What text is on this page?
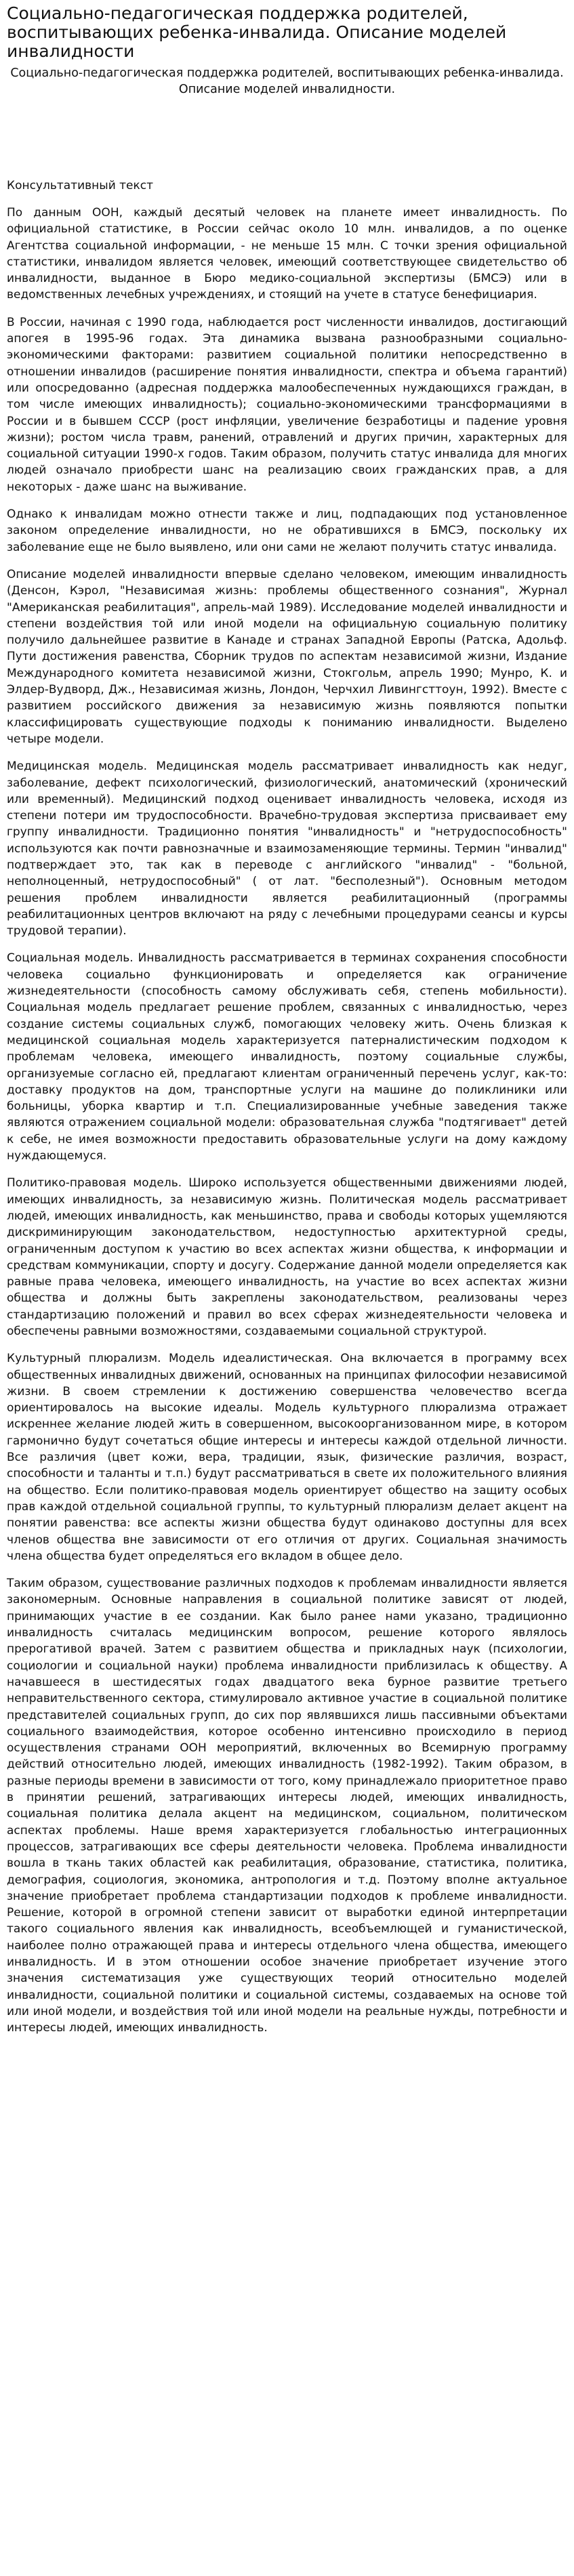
Социально-педагогическая поддержка родителей, воспитывающих ребенка-инвалида. Описание моделей инвалидности
Социально-педагогическая поддержка родителей, воспитывающих ребенка-инвалида. Описание моделей инвалидности.
Консультативный текст

По данным ООН, каждый десятый человек на планете имеет инвалидность. По официальной статистике, в России сейчас около 10 млн. инвалидов, а по оценке Агентства социальной информации, - не меньше 15 млн. С точки зрения официальной статистики, инвалидом является человек, имеющий соответствующее свидетельство об инвалидности, выданное в Бюро медико-социальной экспертизы (БМСЭ) или в ведомственных лечебных учреждениях, и стоящий на учете в статусе бенефициария.

В России, начиная с 1990 года, наблюдается рост численности инвалидов, достигающий апогея в 1995-96 годах. Эта динамика вызвана разнообразными социально-экономическими факторами: развитием социальной политики непосредственно в отношении инвалидов (расширение понятия инвалидности, спектра и объема гарантий) или опосредованно (адресная поддержка малообеспеченных нуждающихся граждан, в том числе имеющих инвалидность); социально-экономическими трансформациями в России и в бывшем СССР (рост инфляции, увеличение безработицы и падение уровня жизни); ростом числа травм, ранений, отравлений и других причин, характерных для социальной ситуации 1990-х годов. Таким образом, получить статус инвалида для многих людей означало приобрести шанс на реализацию своих гражданских прав, а для некоторых - даже шанс на выживание.

Однако к инвалидам можно отнести также и лиц, подпадающих под установленное законом определение инвалидности, но не обратившихся в БМСЭ, поскольку их заболевание еще не было выявлено, или они сами не желают получить статус инвалида.

Описание моделей инвалидности впервые сделано человеком, имеющим инвалидность (Денсон, Кэрол, "Независимая жизнь: проблемы общественного сознания", Журнал "Американская реабилитация", апрель-май 1989). Исследование моделей инвалидности и степени воздействия той или иной модели на официальную социальную политику получило дальнейшее развитие в Канаде и странах Западной Европы (Ратска, Адольф. Пути достижения равенства, Сборник трудов по аспектам независимой жизни, Издание Международного комитета независимой жизни, Стокгольм, апрель 1990; Мунро, К. и Элдер-Вудворд, Дж., Независимая жизнь, Лондон, Черчхил Ливингсттоун, 1992). Вместе с развитием российского движения за независимую жизнь появляются попытки классифицировать существующие подходы к пониманию инвалидности. Выделено четыре модели.

Медицинская модель. Медицинская модель рассматривает инвалидность как недуг, заболевание, дефект психологический, физиологический, анатомический (хронический или временный). Медицинский подход оценивает инвалидность человека, исходя из степени потери им трудоспособности. Врачебно-трудовая экспертиза присваивает ему группу инвалидности. Традиционно понятия "инвалидность" и "нетрудоспособность" используются как почти равнозначные и взаимозаменяющие термины. Термин "инвалид" подтверждает это, так как в переводе с английского "инвалид" - "больной, неполноценный, нетрудоспособный" ( от лат. "бесполезный"). Основным методом решения проблем инвалидности является реабилитационный (программы реабилитационных центров включают на ряду с лечебными процедурами сеансы и курсы трудовой терапии).

Социальная модель. Инвалидность рассматривается в терминах сохранения способности человека социально функционировать и определяется как ограничение жизнедеятельности (способность самому обслуживать себя, степень мобильности). Социальная модель предлагает решение проблем, связанных с инвалидностью, через создание системы социальных служб, помогающих человеку жить. Очень близкая к медицинской социальная модель характеризуется патерналистическим подходом к проблемам человека, имеющего инвалидность, поэтому социальные службы, организуемые согласно ей, предлагают клиентам ограниченный перечень услуг, как-то: доставку продуктов на дом, транспортные услуги на машине до поликлиники или больницы, уборка квартир и т.п. Специализированные учебные заведения также являются отражением социальной модели: образовательная служба "подтягивает" детей к себе, не имея возможности предоставить образовательные услуги на дому каждому нуждающемуся.

Политико-правовая модель. Широко используется общественными движениями людей, имеющих инвалидность, за независимую жизнь. Политическая модель рассматривает людей, имеющих инвалидность, как меньшинство, права и свободы которых ущемляются дискриминирующим законодательством, недоступностью архитектурной среды, ограниченным доступом к участию во всех аспектах жизни общества, к информации и средствам коммуникации, спорту и досугу. Содержание данной модели определяется как равные права человека, имеющего инвалидность, на участие во всех аспектах жизни общества и должны быть закреплены законодательством, реализованы через стандартизацию положений и правил во всех сферах жизнедеятельности человека и обеспечены равными возможностями, создаваемыми социальной структурой.

Культурный плюрализм. Модель идеалистическая. Она включается в программу всех общественных инвалидных движений, основанных на принципах философии независимой жизни. В своем стремлении к достижению совершенства человечество всегда ориентировалось на высокие идеалы. Модель культурного плюрализма отражает искреннее желание людей жить в совершенном, высокоорганизованном мире, в котором гармонично будут сочетаться общие интересы и интересы каждой отдельной личности. Все различия (цвет кожи, вера, традиции, язык, физические различия, возраст, способности и таланты и т.п.) будут рассматриваться в свете их положительного влияния на общество. Если политико-правовая модель ориентирует общество на защиту особых прав каждой отдельной социальной группы, то культурный плюрализм делает акцент на понятии равенства: все аспекты жизни общества будут одинаково доступны для всех членов общества вне зависимости от его отличия от других. Социальная значимость члена общества будет определяться его вкладом в общее дело.

Таким образом, существование различных подходов к проблемам инвалидности является закономерным. Основные направления в социальной политике зависят от людей, принимающих участие в ее создании. Как было ранее нами указано, традиционно инвалидность считалась медицинским вопросом, решение которого являлось прерогативой врачей. Затем с развитием общества и прикладных наук (психологии, социологии и социальной науки) проблема инвалидности приблизилась к обществу. А начавшееся в шестидесятых годах двадцатого века бурное развитие третьего неправительственного сектора, стимулировало активное участие в социальной политике представителей социальных групп, до сих пор являвшихся лишь пассивными объектами социального взаимодействия, которое особенно интенсивно происходило в период осуществления странами ООН мероприятий, включенных во Всемирную программу действий относительно людей, имеющих инвалидность (1982-1992). Таким образом, в разные периоды времени в зависимости от того, кому принадлежало приоритетное право в принятии решений, затрагивающих интересы людей, имеющих инвалидность, социальная политика делала акцент на медицинском, социальном, политическом аспектах проблемы. Наше время характеризуется глобальностью интеграционных процессов, затрагивающих все сферы деятельности человека. Проблема инвалидности вошла в ткань таких областей как реабилитация, образование, статистика, политика, демография, социология, экономика, антропология и т.д. Поэтому вполне актуальное значение приобретает проблема стандартизации подходов к проблеме инвалидности. Решение, которой в огромной степени зависит от выработки единой интерпретации такого социального явления как инвалидность, всеобъемлющей и гуманистической, наиболее полно отражающей права и интересы отдельного члена общества, имеющего инвалидность. И в этом отношении особое значение приобретает изучение этого значения систематизация уже существующих теорий относительно моделей инвалидности, социальной политики и социальной системы, создаваемых на основе той или иной модели, и воздействия той или иной модели на реальные нужды, потребности и интересы людей, имеющих инвалидность.
